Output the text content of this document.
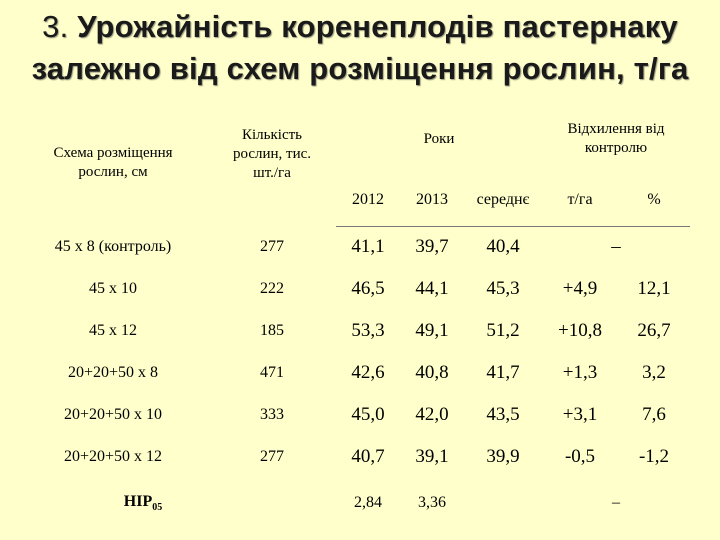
3. Урожайність коренеплодів пастернаку
залежно від схем розміщення рослин, т/га
Схема розміщення рослин, см	Кількість рослин, тис. шт./га	Роки			Відхилення від контролю	
		2012	2013	середнє	т/га	%
45 х 8 (контроль)	277	41,1	39,7	40,4	–	
45 х 10	222	46,5	44,1	45,3	+4,9	12,1
45 х 12	185	53,3	49,1	51,2	+10,8	26,7
20+20+50 х 8	471	42,6	40,8	41,7	+1,3	3,2
20+20+50 х 10	333	45,0	42,0	43,5	+3,1	7,6
20+20+50 х 12	277	40,7	39,1	39,9	-0,5	-1,2
$НІР_{05}$		2,84	3,36		–	
